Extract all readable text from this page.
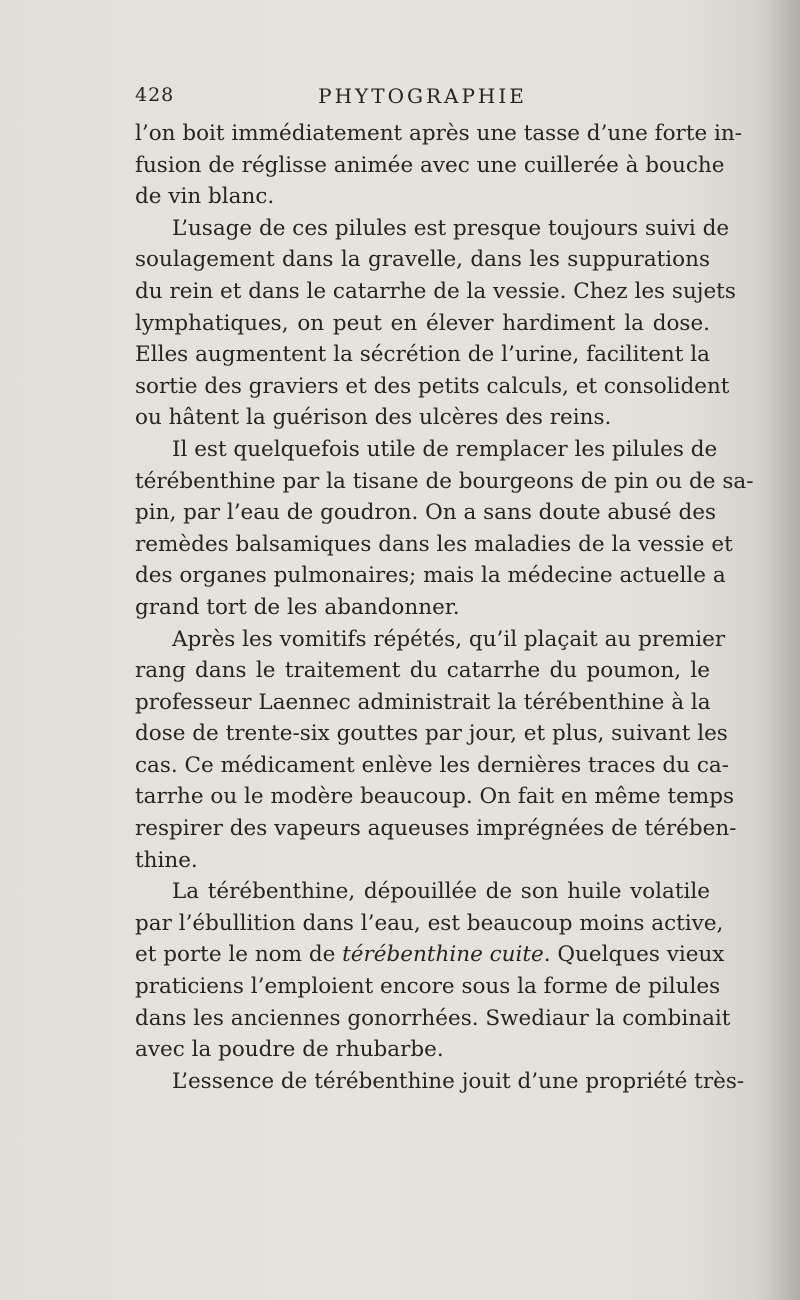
428	PHYTOGRAPHIE
l’on boit immédiatement après une tasse d’une forte in-
fusion de réglisse animée avec une cuillerée à bouche
de vin blanc.
L’usage de ces pilules est presque toujours suivi de
soulagement dans la gravelle, dans les suppurations
du rein et dans le catarrhe de la vessie. Chez les sujets
lymphatiques, on peut en élever hardiment la dose.
Elles augmentent la sécrétion de l’urine, facilitent la
sortie des graviers et des petits calculs, et consolident
ou hâtent la guérison des ulcères des reins.
Il est quelquefois utile de remplacer les pilules de
térébenthine par la tisane de bourgeons de pin ou de sa-
pin, par l’eau de goudron. On a sans doute abusé des
remèdes balsamiques dans les maladies de la vessie et
des organes pulmonaires; mais la médecine actuelle a
grand tort de les abandonner.
Après les vomitifs répétés, qu’il plaçait au premier
rang dans le traitement du catarrhe du poumon, le
professeur Laennec administrait la térébenthine à la
dose de trente-six gouttes par jour, et plus, suivant les
cas. Ce médicament enlève les dernières traces du ca-
tarrhe ou le modère beaucoup. On fait en même temps
respirer des vapeurs aqueuses imprégnées de térében-
thine.
La térébenthine, dépouillée de son huile volatile
par l’ébullition dans l’eau, est beaucoup moins active,
et porte le nom de térébenthine cuite. Quelques vieux
praticiens l’emploient encore sous la forme de pilules
dans les anciennes gonorrhées. Swediaur la combinait
avec la poudre de rhubarbe.
L’essence de térébenthine jouit d’une propriété très-
